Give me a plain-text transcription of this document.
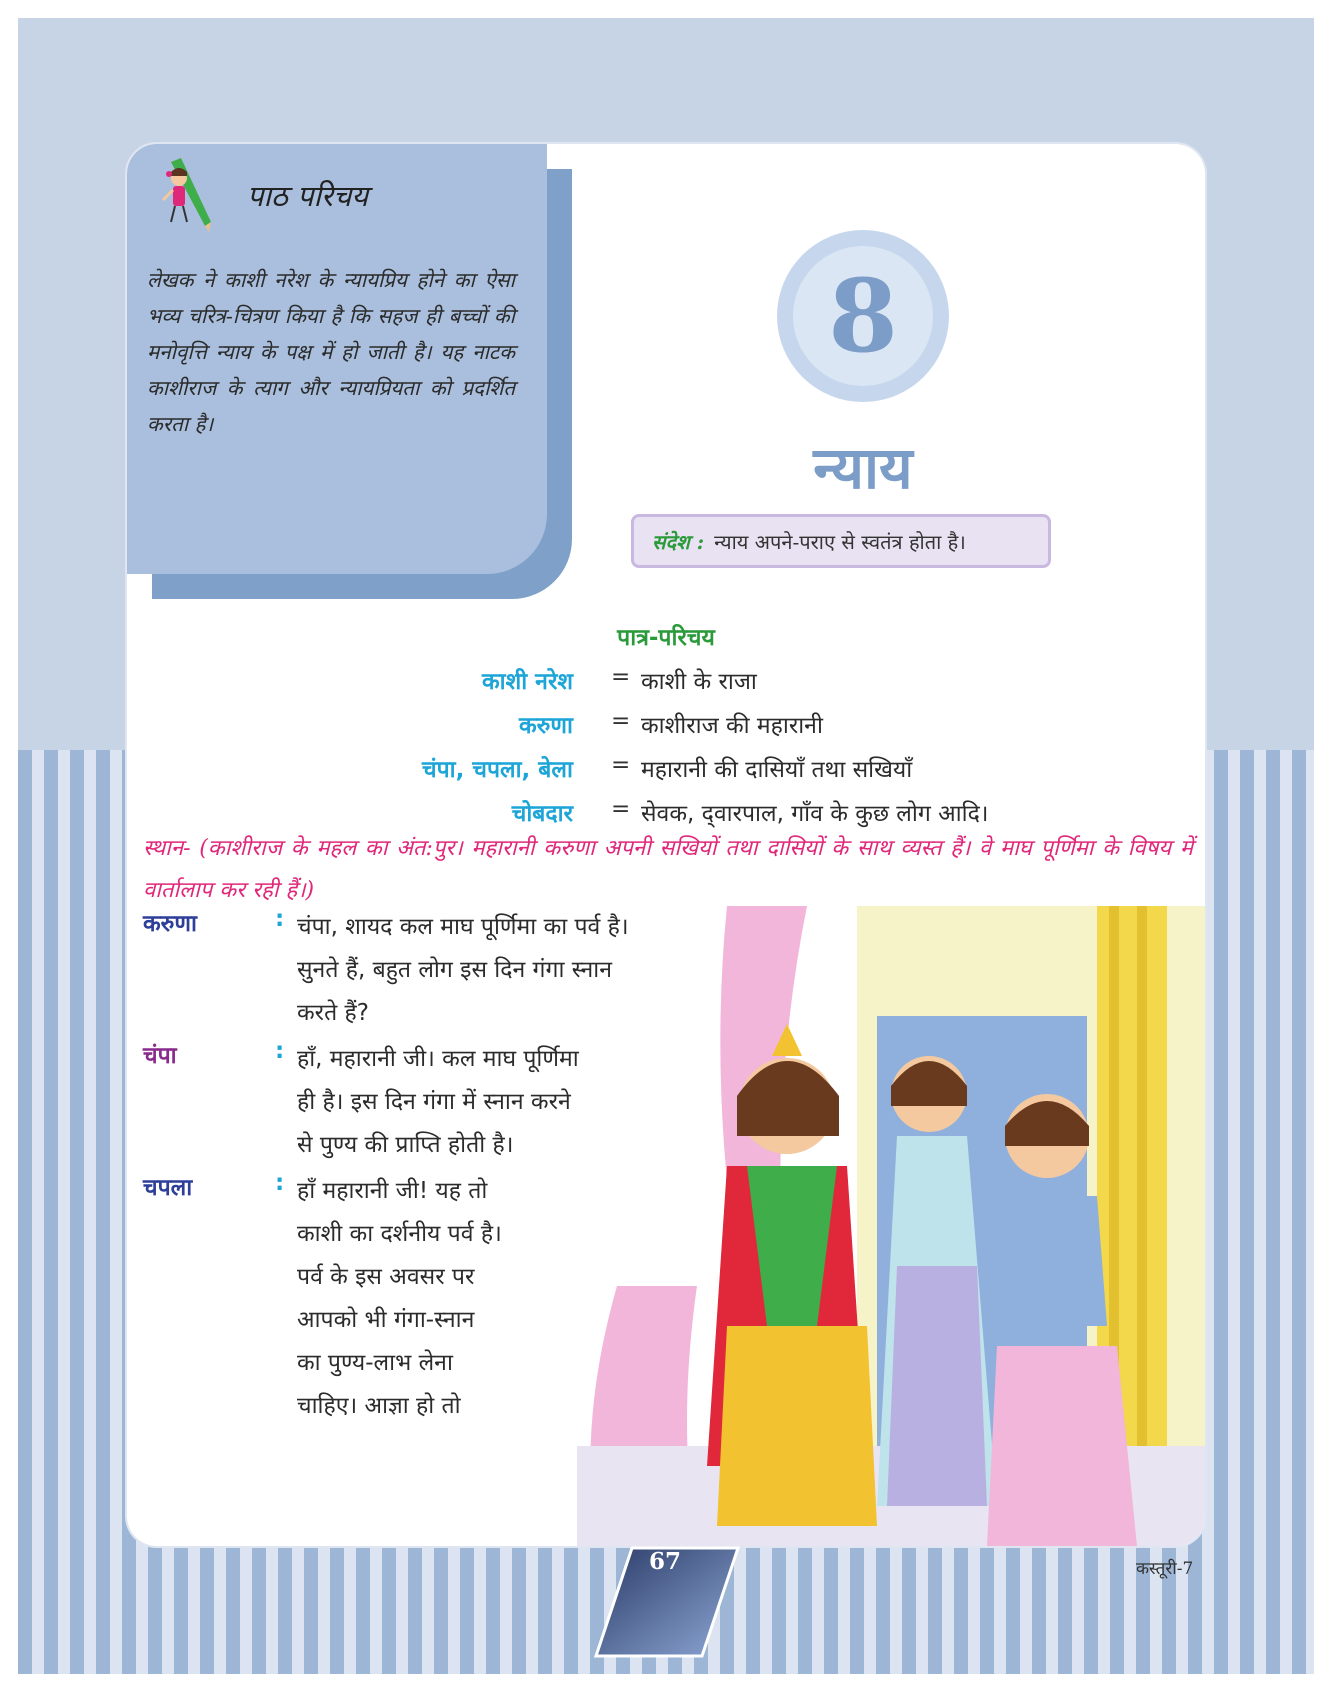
पाठ परिचय
लेखक ने काशी नरेश के न्यायप्रिय होने का ऐसा भव्य चरित्र-चित्रण किया है कि सहज ही बच्चों की मनोवृत्ति न्याय के पक्ष में हो जाती है। यह नाटक काशीराज के त्याग और न्यायप्रियता को प्रदर्शित करता है।
8
न्याय
संदेश : न्याय अपने-पराए से स्वतंत्र होता है।
पात्र-परिचय
काशी नरेश = काशी के राजा
करुणा = काशीराज की महारानी
चंपा, चपला, बेला = महारानी की दासियाँ तथा सखियाँ
चोबदार = सेवक, द्‌वारपाल, गाँव के कुछ लोग आदि।
स्थान- (काशीराज के महल का अंत:पुर। महारानी करुणा अपनी सखियों तथा दासियों के साथ व्यस्त हैं। वे माघ पूर्णिमा के विषय में वार्तालाप कर रही हैं।)
करुणा	: चंपा, शायद कल माघ पूर्णिमा का पर्व है।
सुनते हैं, बहुत लोग इस दिन गंगा स्नान
करते हैं?
चंपा	: हाँ, महारानी जी। कल माघ पूर्णिमा
ही है। इस दिन गंगा में स्नान करने
से पुण्य की प्राप्ति होती है।
चपला	: हाँ महारानी जी! यह तो
काशी का दर्शनीय पर्व है।
पर्व के इस अवसर पर
आपको भी गंगा-स्नान
का पुण्य-लाभ लेना
चाहिए। आज्ञा हो तो
67	कस्तूरी-7
